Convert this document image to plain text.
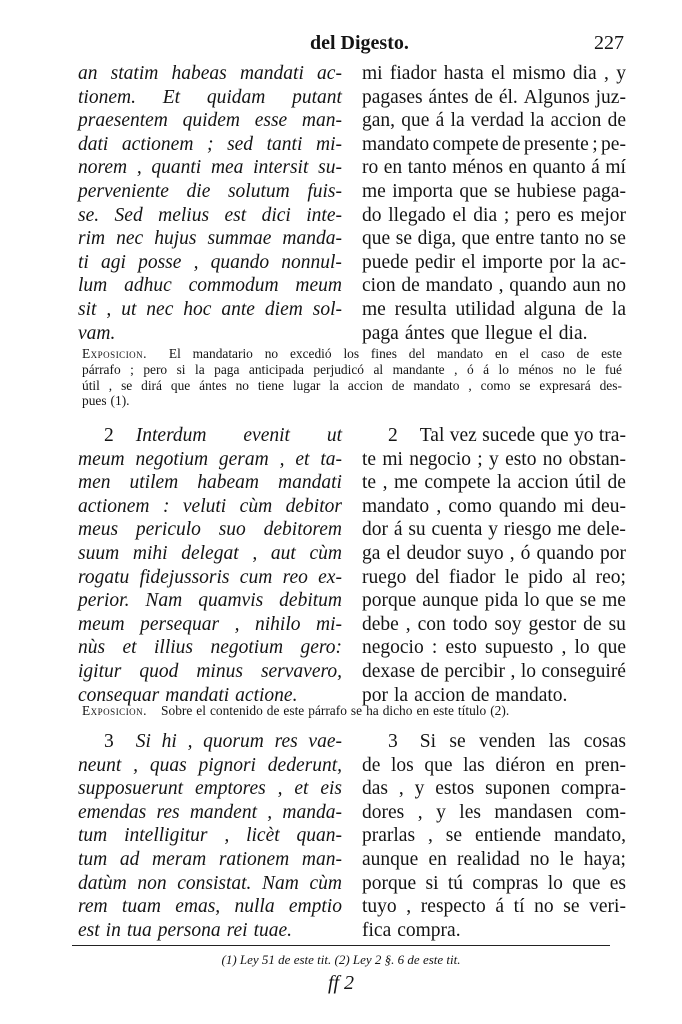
del Digesto.	227
an statim habeas mandati ac-
tionem. Et quidam putant
praesentem quidem esse man-
dati actionem ; sed tanti mi-
norem , quanti mea intersit su-
perveniente die solutum fuis-
se. Sed melius est dici inte-
rim nec hujus summae manda-
ti agi posse , quando nonnul-
lum adhuc commodum meum
sit , ut nec hoc ante diem sol-
vam.
mi fiador hasta el mismo dia , y
pagases ántes de él. Algunos juz-
gan, que á la verdad la accion de
mandato compete de presente ; pe-
ro en tanto ménos en quanto á mí
me importa que se hubiese paga-
do llegado el dia ; pero es mejor
que se diga, que entre tanto no se
puede pedir el importe por la ac-
cion de mandato , quando aun no
me resulta utilidad alguna de la
paga ántes que llegue el dia.
Exposicion. El mandatario no excedió los fines del mandato en el caso de este
párrafo ; pero si la paga anticipada perjudicó al mandante , ó á lo ménos no le fué
útil , se dirá que ántes no tiene lugar la accion de mandato , como se expresará des-
pues (1).
2 Interdum evenit ut
meum negotium geram , et ta-
men utilem habeam mandati
actionem : veluti cùm debitor
meus periculo suo debitorem
suum mihi delegat , aut cùm
rogatu fidejussoris cum reo ex-
perior. Nam quamvis debitum
meum persequar , nihilo mi-
nùs et illius negotium gero:
igitur quod minus servavero,
consequar mandati actione.
2 Tal vez sucede que yo tra-
te mi negocio ; y esto no obstan-
te , me compete la accion útil de
mandato , como quando mi deu-
dor á su cuenta y riesgo me dele-
ga el deudor suyo , ó quando por
ruego del fiador le pido al reo;
porque aunque pida lo que se me
debe , con todo soy gestor de su
negocio : esto supuesto , lo que
dexase de percibir , lo conseguiré
por la accion de mandato.
Exposicion. Sobre el contenido de este párrafo se ha dicho en este título (2).
3 Si hi , quorum res vae-
neunt , quas pignori dederunt,
supposuerunt emptores , et eis
emendas res mandent , manda-
tum intelligitur , licèt quan-
tum ad meram rationem man-
datùm non consistat. Nam cùm
rem tuam emas, nulla emptio
est in tua persona rei tuae.
3 Si se venden las cosas
de los que las diéron en pren-
das , y estos suponen compra-
dores , y les mandasen com-
prarlas , se entiende mandato,
aunque en realidad no le haya;
porque si tú compras lo que es
tuyo , respecto á tí no se veri-
fica compra.
(1) Ley 51 de este tit. (2) Ley 2 §. 6 de este tit.
ff 2
